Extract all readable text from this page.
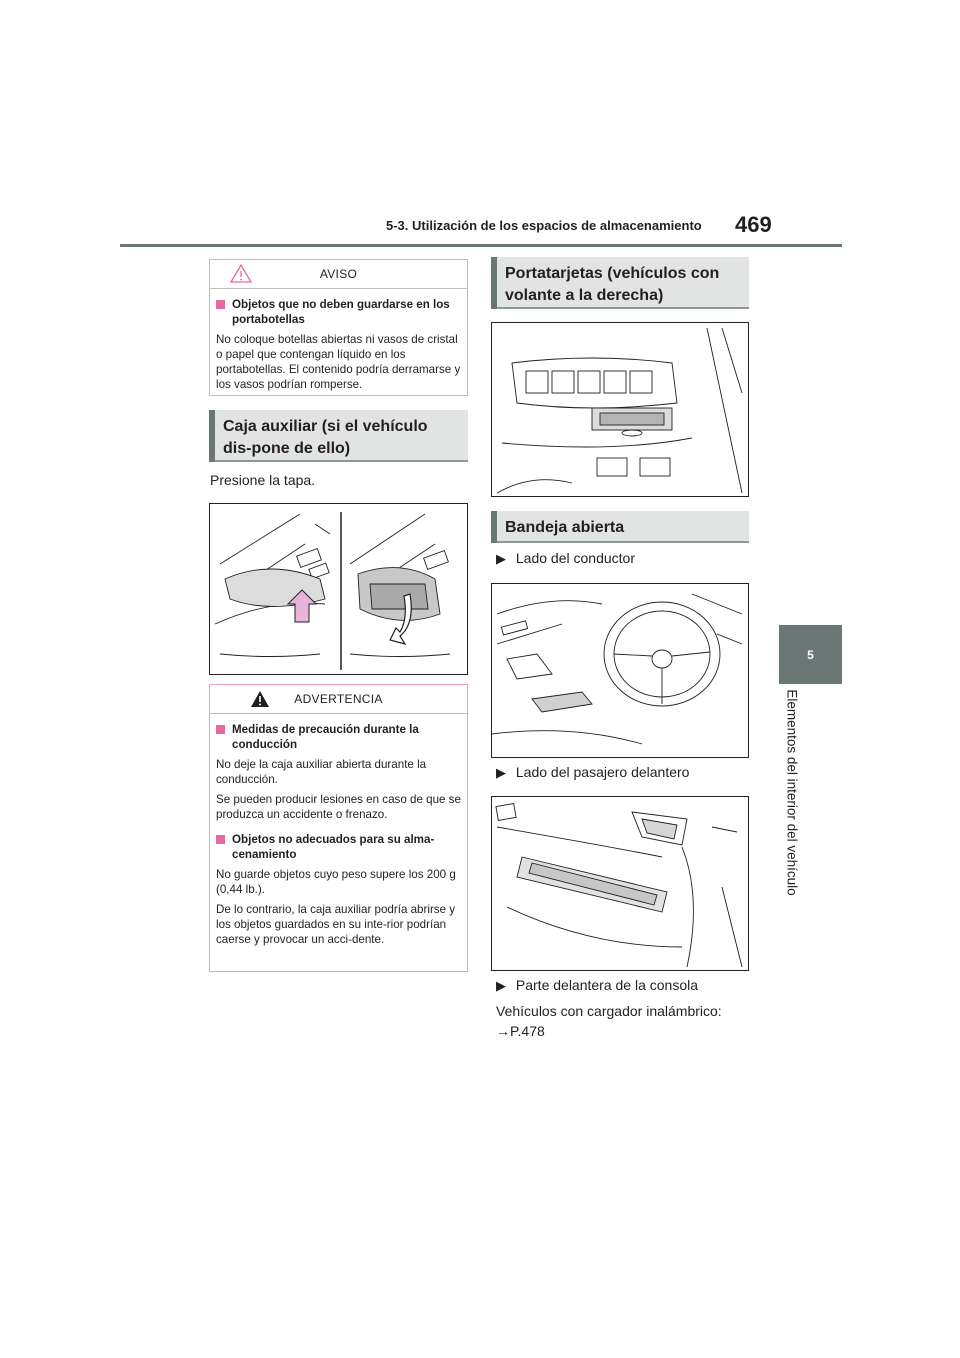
5-3. Utilización de los espacios de almacenamiento 469
5
Elementos del interior del vehículo
AVISO
Objetos que no deben guardarse en los portabotellas
No coloque botellas abiertas ni vasos de cristal o papel que contengan líquido en los portabotellas. El contenido podría derramarse y los vasos podrían romperse.
Caja auxiliar (si el vehículo dis-pone de ello)
Presione la tapa.
ADVERTENCIA
Medidas de precaución durante la conducción
No deje la caja auxiliar abierta durante la conducción.
Se pueden producir lesiones en caso de que se produzca un accidente o frenazo.
Objetos no adecuados para su alma-cenamiento
No guarde objetos cuyo peso supere los 200 g (0,44 lb.).
De lo contrario, la caja auxiliar podría abrirse y los objetos guardados en su inte-rior podrían caerse y provocar un acci-dente.
Portatarjetas (vehículos con volante a la derecha)
Bandeja abierta
▶ Lado del conductor
▶ Lado del pasajero delantero
▶ Parte delantera de la consola
Vehículos con cargador inalámbrico:
→P.478
